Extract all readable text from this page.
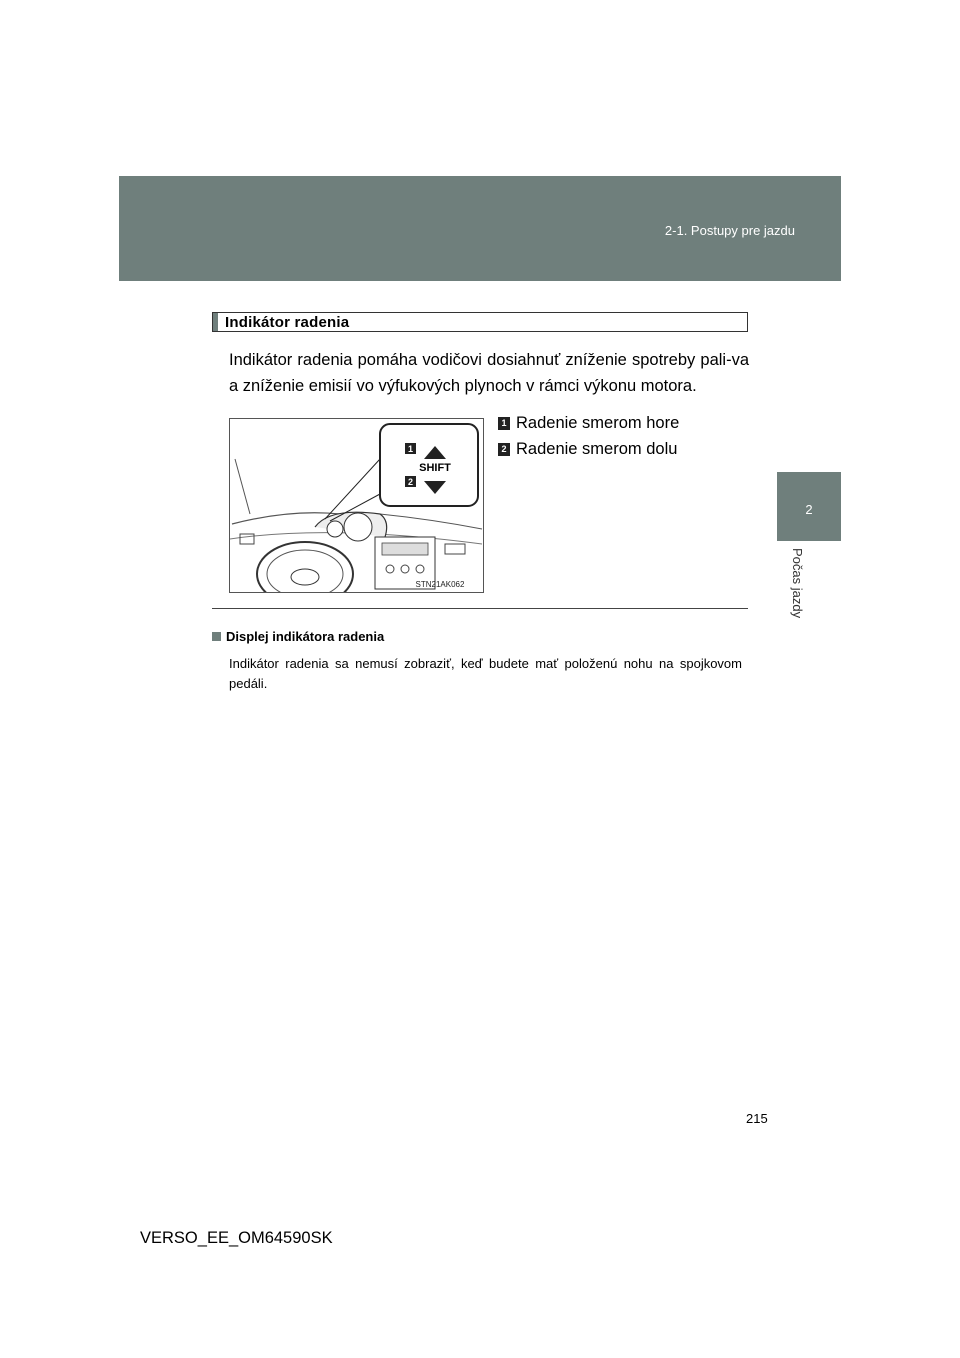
2-1. Postupy pre jazdu
2
Počas jazdy
Indikátor radenia
Indikátor radenia pomáha vodičovi dosiahnuť zníženie spotreby pali-va a zníženie emisií vo výfukových plynoch v rámci výkonu motora.
1
2
SHIFT
STN21AK062
1 Radenie smerom hore
2 Radenie smerom dolu
Displej indikátora radenia
Indikátor radenia sa nemusí zobraziť, keď budete mať položenú nohu na spojkovom pedáli.
215
VERSO_EE_OM64590SK
